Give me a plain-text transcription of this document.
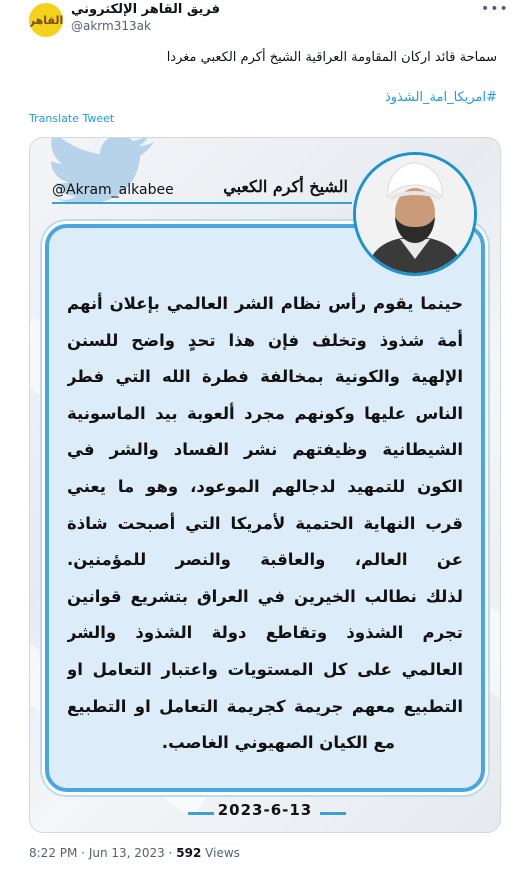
القاهر
فريق القاهر الإلكتروني
@akrm313ak
•••
سماحة قائد اركان المقاومة العراقية الشيخ أكرم الكعبي مغردا
#امريكا_امة_الشذوذ
Translate Tweet
الشيخ أكرم الكعبي
@Akram_alkabee
حينما يقوم رأس نظام الشر العالمي بإعلان أنهم
أمة شذوذ وتخلف فإن هذا تحدٍ واضح للسنن
الإلهية والكونية بمخالفة فطرة الله التي فطر
الناس عليها وكونهم مجرد ألعوبة بيد الماسونية
الشيطانية وظيفتهم نشر الفساد والشر في
الكون للتمهيد لدجالهم الموعود، وهو ما يعني
قرب النهاية الحتمية لأمريكا التي أصبحت شاذة
عن العالم، والعاقبة والنصر للمؤمنين.
لذلك نطالب الخيرين في العراق بتشريع قوانين
تجرم الشذوذ وتقاطع دولة الشذوذ والشر
العالمي على كل المستويات واعتبار التعامل او
التطبيع معهم جريمة كجريمة التعامل او التطبيع
مع الكيان الصهيوني الغاصب.
2023-6-13
8:22 PM · Jun 13, 2023 · 592 Views
